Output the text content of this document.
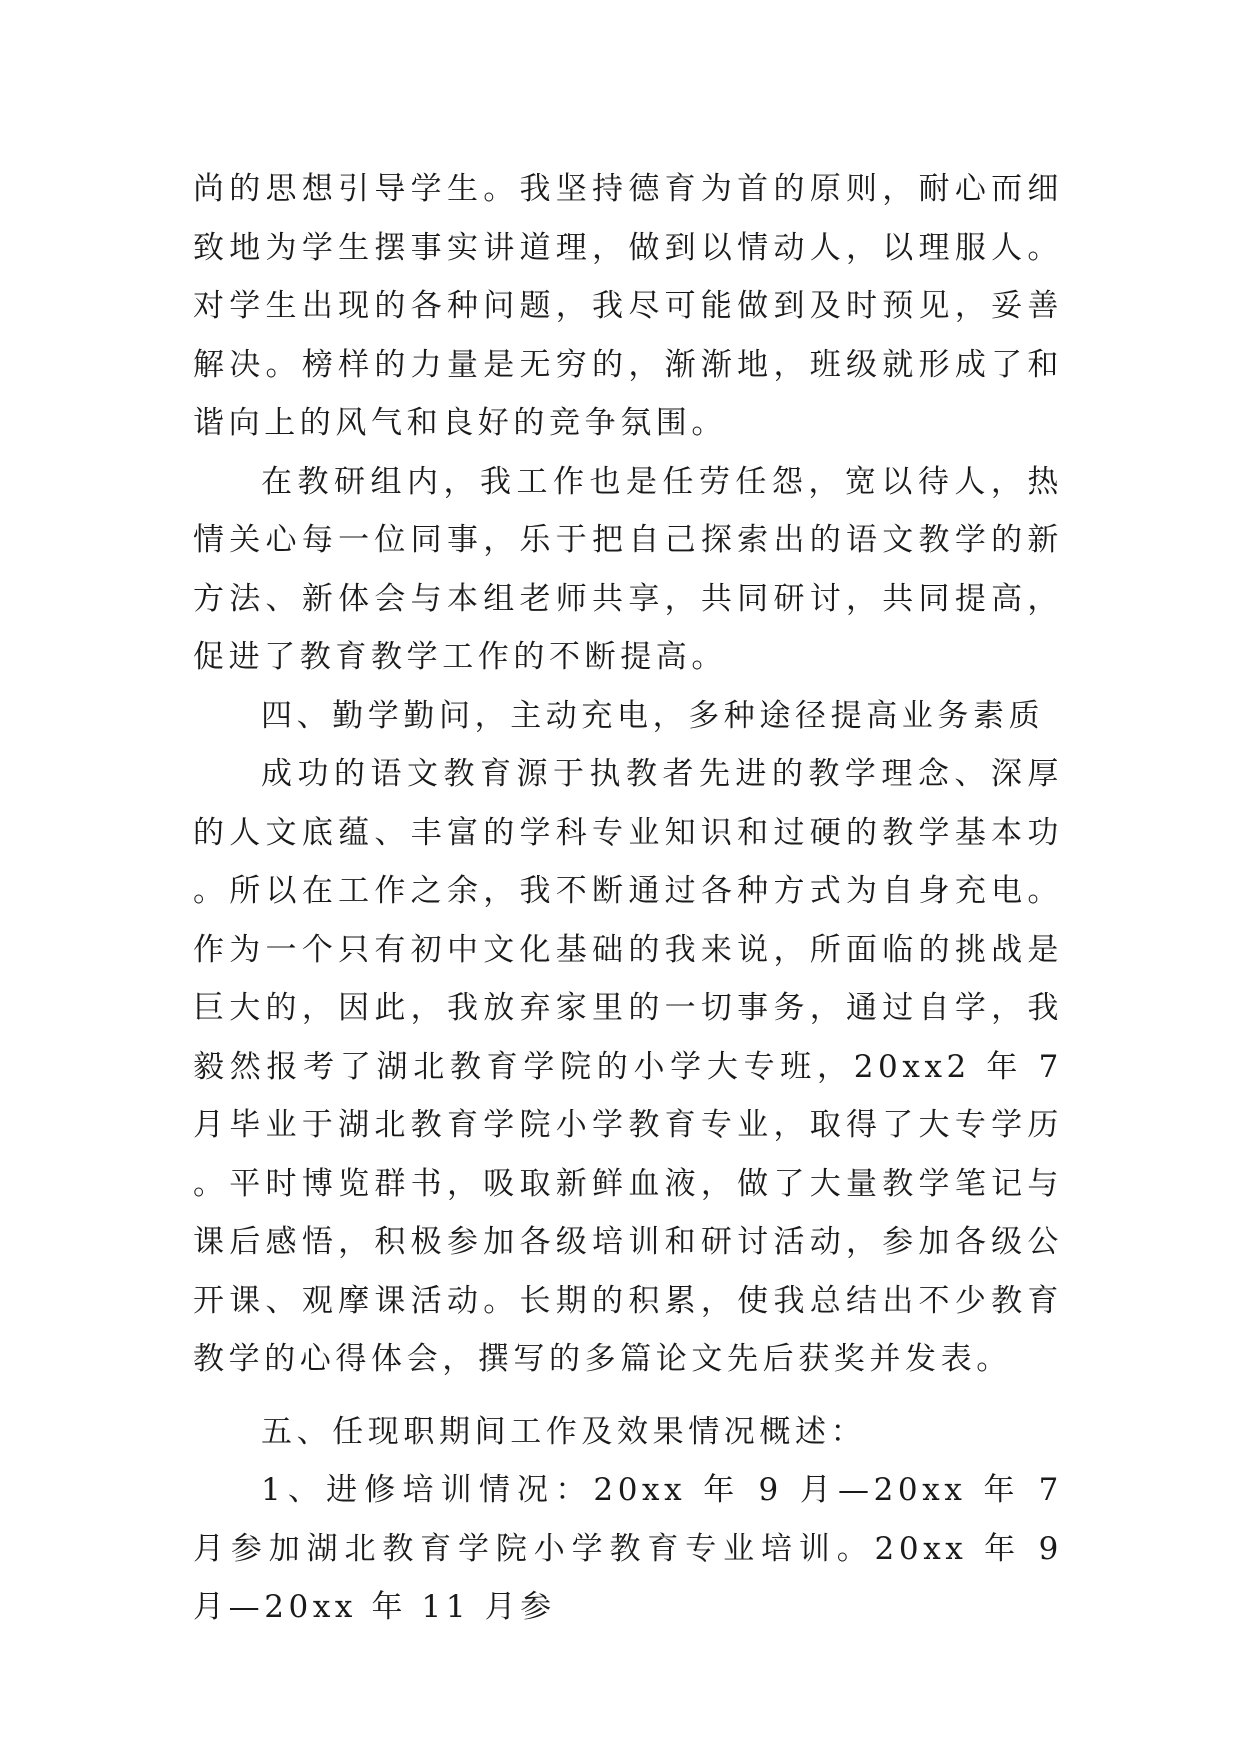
尚的思想引导学生。我坚持德育为首的原则，耐心而细致地为学生摆事实讲道理，做到以情动人，以理服人。对学生出现的各种问题，我尽可能做到及时预见，妥善解决。榜样的力量是无穷的，渐渐地，班级就形成了和谐向上的风气和良好的竞争氛围。

在教研组内，我工作也是任劳任怨，宽以待人，热情关心每一位同事，乐于把自己探索出的语文教学的新方法、新体会与本组老师共享，共同研讨，共同提高，促进了教育教学工作的不断提高。

四、勤学勤问，主动充电，多种途径提高业务素质

成功的语文教育源于执教者先进的教学理念、深厚的人文底蕴、丰富的学科专业知识和过硬的教学基本功。所以在工作之余，我不断通过各种方式为自身充电。作为一个只有初中文化基础的我来说，所面临的挑战是巨大的，因此，我放弃家里的一切事务，通过自学，我毅然报考了湖北教育学院的小学大专班，20xx2 年 7 月毕业于湖北教育学院小学教育专业，取得了大专学历。平时博览群书，吸取新鲜血液，做了大量教学笔记与课后感悟，积极参加各级培训和研讨活动，参加各级公开课、观摩课活动。长期的积累，使我总结出不少教育教学的心得体会，撰写的多篇论文先后获奖并发表。

五、任现职期间工作及效果情况概述：

1、进修培训情况：20xx 年 9 月—20xx 年 7 月参加湖北教育学院小学教育专业培训。20xx 年 9 月—20xx 年 11 月参
